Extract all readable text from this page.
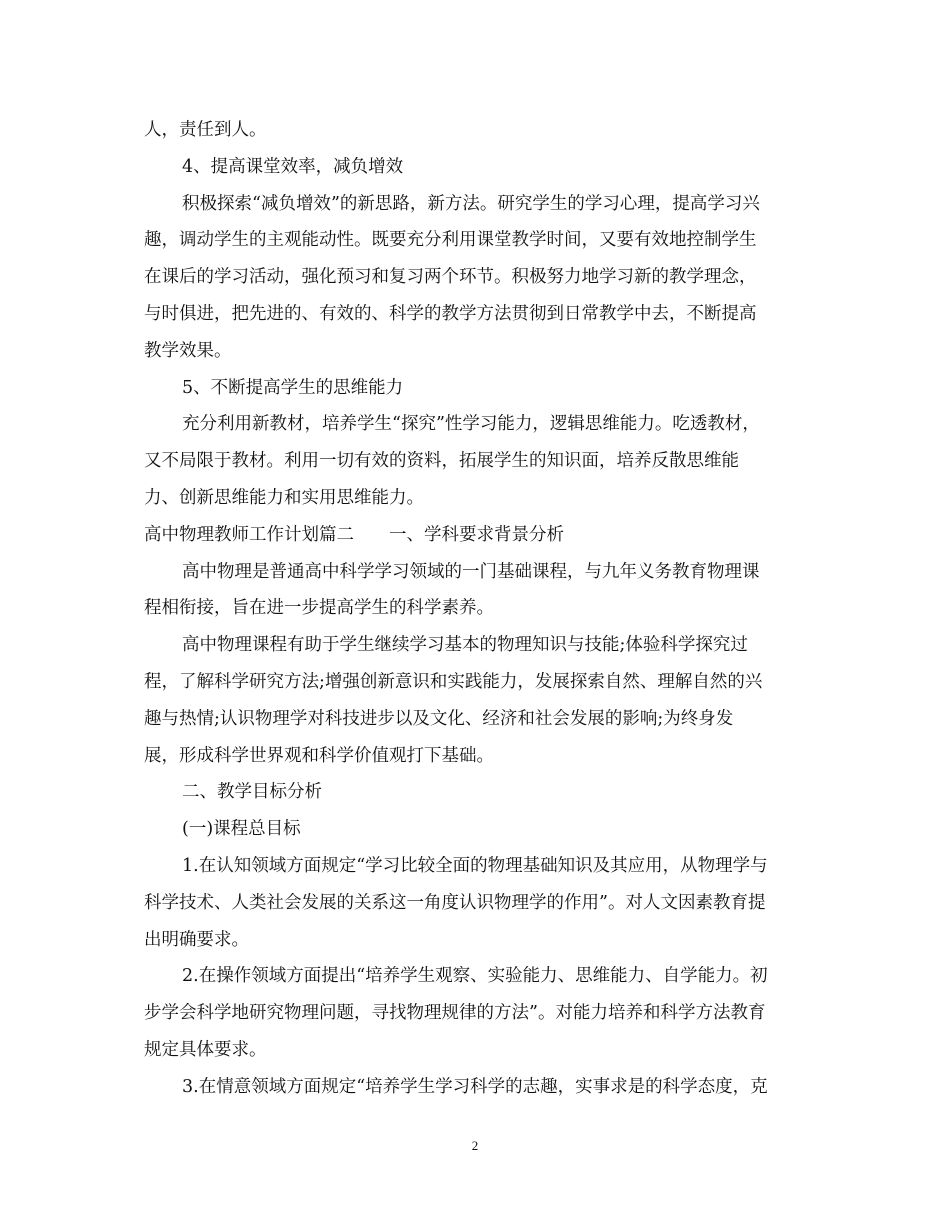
人，责任到人。
4、提高课堂效率，减负增效
积极探索“减负增效”的新思路，新方法。研究学生的学习心理，提高学习兴
趣，调动学生的主观能动性。既要充分利用课堂教学时间，又要有效地控制学生
在课后的学习活动，强化预习和复习两个环节。积极努力地学习新的教学理念，
与时俱进，把先进的、有效的、科学的教学方法贯彻到日常教学中去，不断提高
教学效果。
5、不断提高学生的思维能力
充分利用新教材，培养学生“探究”性学习能力，逻辑思维能力。吃透教材，
又不局限于教材。利用一切有效的资料，拓展学生的知识面，培养反散思维能
力、创新思维能力和实用思维能力。
高中物理教师工作计划篇二　　一、学科要求背景分析
高中物理是普通高中科学学习领域的一门基础课程，与九年义务教育物理课
程相衔接，旨在进一步提高学生的科学素养。
高中物理课程有助于学生继续学习基本的物理知识与技能;体验科学探究过
程，了解科学研究方法;增强创新意识和实践能力，发展探索自然、理解自然的兴
趣与热情;认识物理学对科技进步以及文化、经济和社会发展的影响;为终身发
展，形成科学世界观和科学价值观打下基础。
二、教学目标分析
(一)课程总目标
1.在认知领域方面规定“学习比较全面的物理基础知识及其应用，从物理学与
科学技术、人类社会发展的关系这一角度认识物理学的作用”。对人文因素教育提
出明确要求。
2.在操作领域方面提出“培养学生观察、实验能力、思维能力、自学能力。初
步学会科学地研究物理问题，寻找物理规律的方法”。对能力培养和科学方法教育
规定具体要求。
3.在情意领域方面规定“培养学生学习科学的志趣，实事求是的科学态度，克
2
